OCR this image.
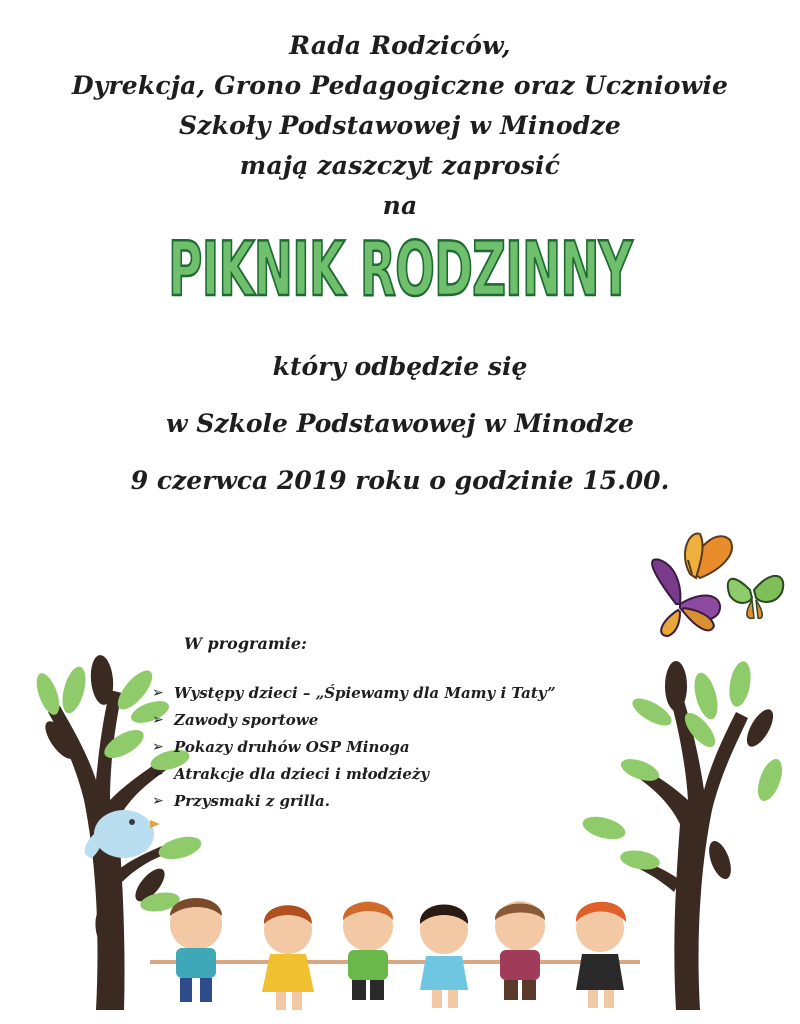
Rada Rodziców,
Dyrekcja, Grono Pedagogiczne oraz Uczniowie
Szkoły Podstawowej w Minodze
mają zaszczyt zaprosić
na
PIKNIK RODZINNY
który odbędzie się
w Szkole Podstawowej w Minodze
9 czerwca 2019 roku o godzinie 15.00.
W programie:
➢ Występy dzieci – „Śpiewamy dla Mamy i Taty”
➢ Zawody sportowe
➢ Pokazy druhów OSP Minoga
➢ Atrakcje dla dzieci i młodzieży
➢ Przysmaki z grilla.
